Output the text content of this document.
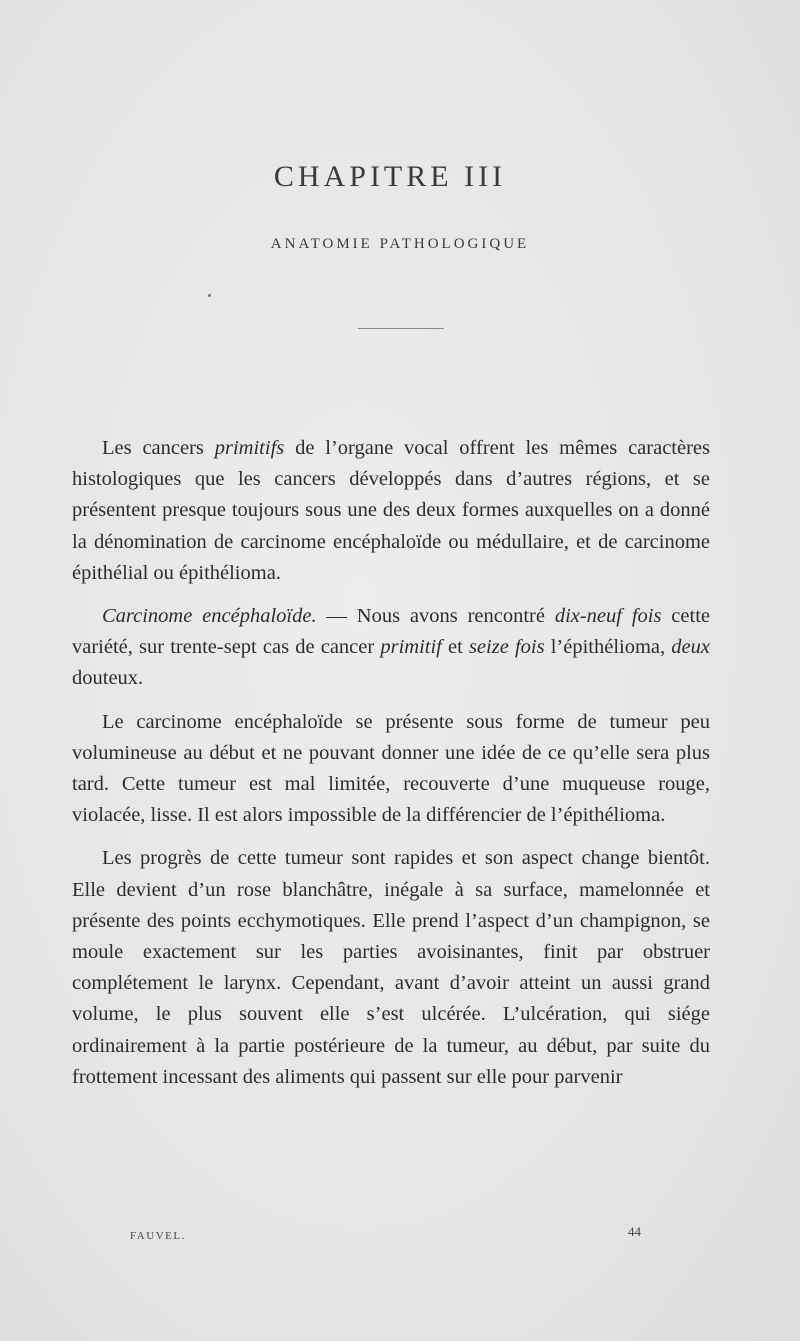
CHAPITRE III
ANATOMIE PATHOLOGIQUE

Les cancers primitifs de l’organe vocal offrent les mêmes caractères histologiques que les cancers développés dans d’autres régions, et se présentent presque toujours sous une des deux formes auxquelles on a donné la dénomination de carcinome encéphaloïde ou médullaire, et de carcinome épithélial ou épithélioma.

Carcinome encéphaloïde. — Nous avons rencontré dix-neuf fois cette variété, sur trente-sept cas de cancer primitif et seize fois l’épithélioma, deux douteux.

Le carcinome encéphaloïde se présente sous forme de tumeur peu volumineuse au début et ne pouvant donner une idée de ce qu’elle sera plus tard. Cette tumeur est mal limitée, recouverte d’une muqueuse rouge, violacée, lisse. Il est alors impossible de la différencier de l’épithélioma.

Les progrès de cette tumeur sont rapides et son aspect change bientôt. Elle devient d’un rose blanchâtre, inégale à sa surface, mamelonnée et présente des points ecchymotiques. Elle prend l’aspect d’un champignon, se moule exactement sur les parties avoisinantes, finit par obstruer complétement le larynx. Cependant, avant d’avoir atteint un aussi grand volume, le plus souvent elle s’est ulcérée. L’ulcération, qui siége ordinairement à la partie postérieure de la tumeur, au début, par suite du frottement incessant des aliments qui passent sur elle pour parvenir

FAUVEL.	44
